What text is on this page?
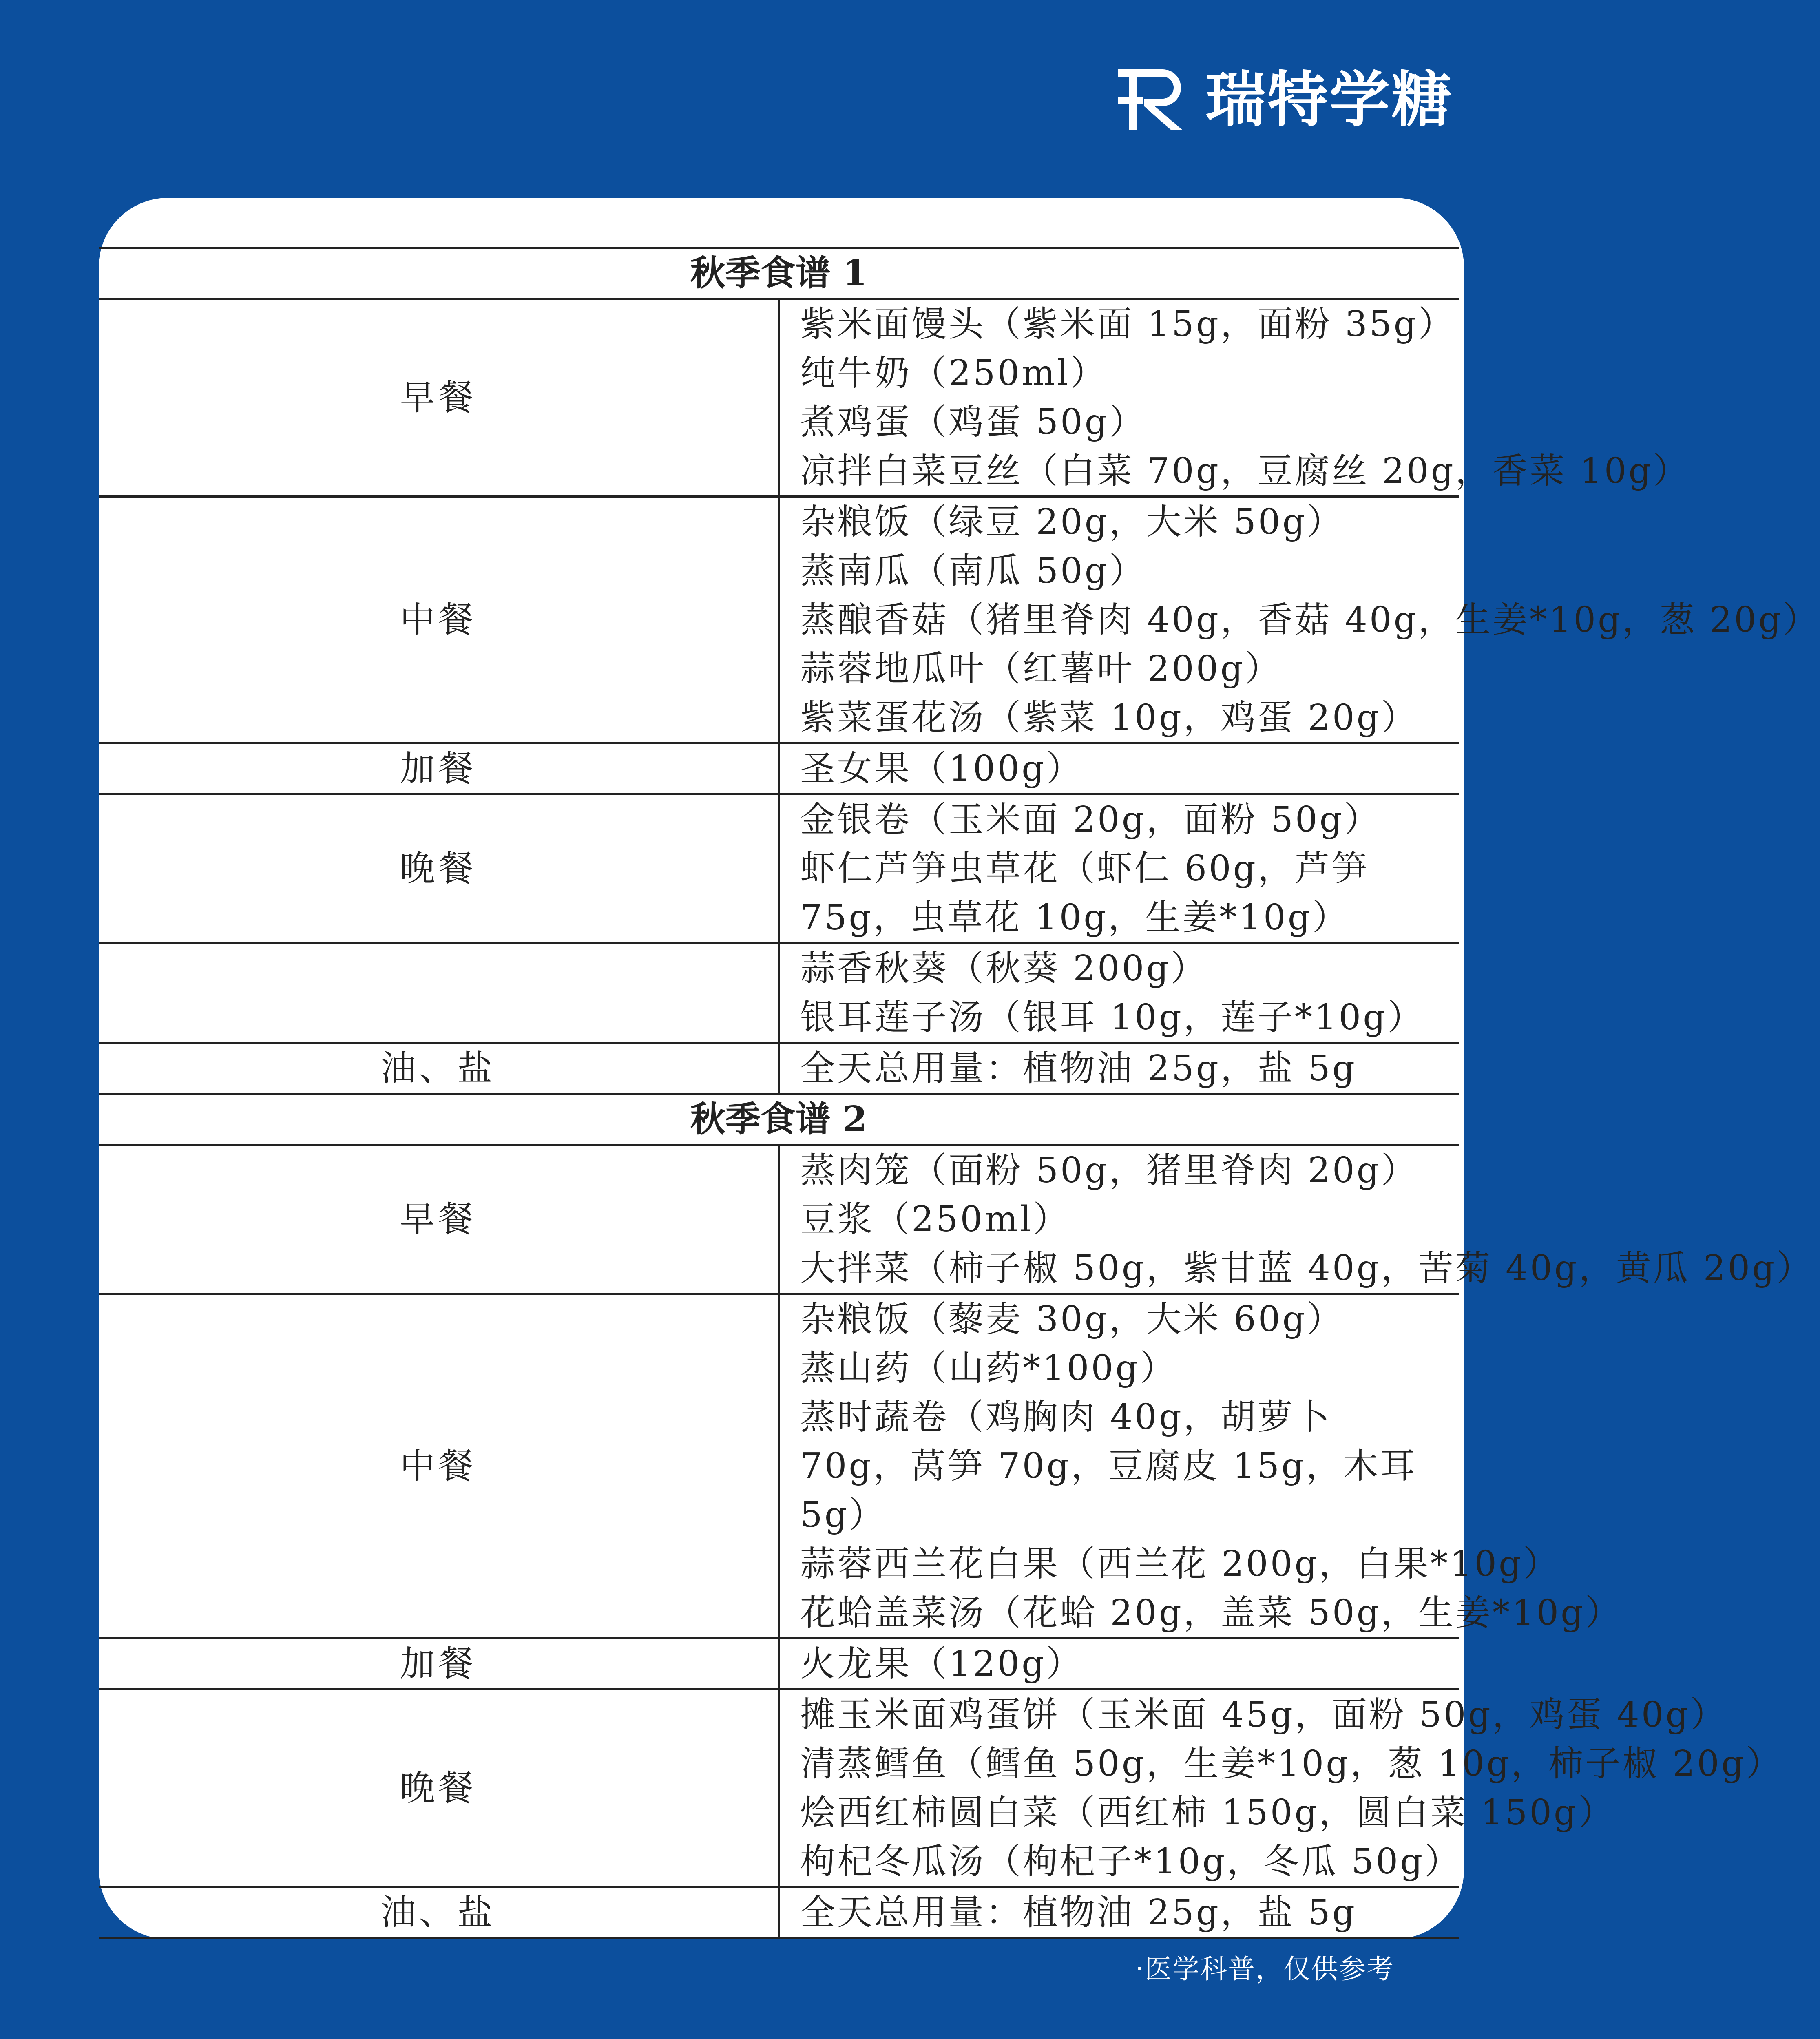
瑞特学糖
秋季食谱 1	
早餐	紫米面馒头（紫米面 15g，面粉 35g）
纯牛奶（250ml）
煮鸡蛋（鸡蛋 50g）
凉拌白菜豆丝（白菜 70g，豆腐丝 20g，香菜 10g）

中餐	杂粮饭（绿豆 20g，大米 50g）
蒸南瓜（南瓜 50g）
蒸酿香菇（猪里脊肉 40g，香菇 40g，生姜*10g，葱 20g）
蒜蓉地瓜叶（红薯叶 200g）
紫菜蛋花汤（紫菜 10g，鸡蛋 20g）

加餐	圣女果（100g）

晚餐	金银卷（玉米面 20g，面粉 50g）
虾仁芦笋虫草花（虾仁 60g，芦笋 75g，虫草花 10g，生姜*10g）

	蒜香秋葵（秋葵 200g）
银耳莲子汤（银耳 10g，莲子*10g）

油、盐	全天总用量：植物油 25g，盐 5g

秋季食谱 2	
早餐	蒸肉笼（面粉 50g，猪里脊肉 20g）
豆浆（250ml）
大拌菜（柿子椒 50g，紫甘蓝 40g，苦菊 40g，黄瓜 20g）

中餐	杂粮饭（藜麦 30g，大米 60g）
蒸山药（山药*100g）
蒸时蔬卷（鸡胸肉 40g，胡萝卜 70g，莴笋 70g，豆腐皮 15g，木耳 5g）
蒜蓉西兰花白果（西兰花 200g，白果*10g）
花蛤盖菜汤（花蛤 20g，盖菜 50g，生姜*10g）

加餐	火龙果（120g）

晚餐	摊玉米面鸡蛋饼（玉米面 45g，面粉 50g，鸡蛋 40g）
清蒸鳕鱼（鳕鱼 50g，生姜*10g，葱 10g，柿子椒 20g）
烩西红柿圆白菜（西红柿 150g，圆白菜 150g）
枸杞冬瓜汤（枸杞子*10g，冬瓜 50g）

油、盐	全天总用量：植物油 25g，盐 5g
·医学科普，仅供参考
